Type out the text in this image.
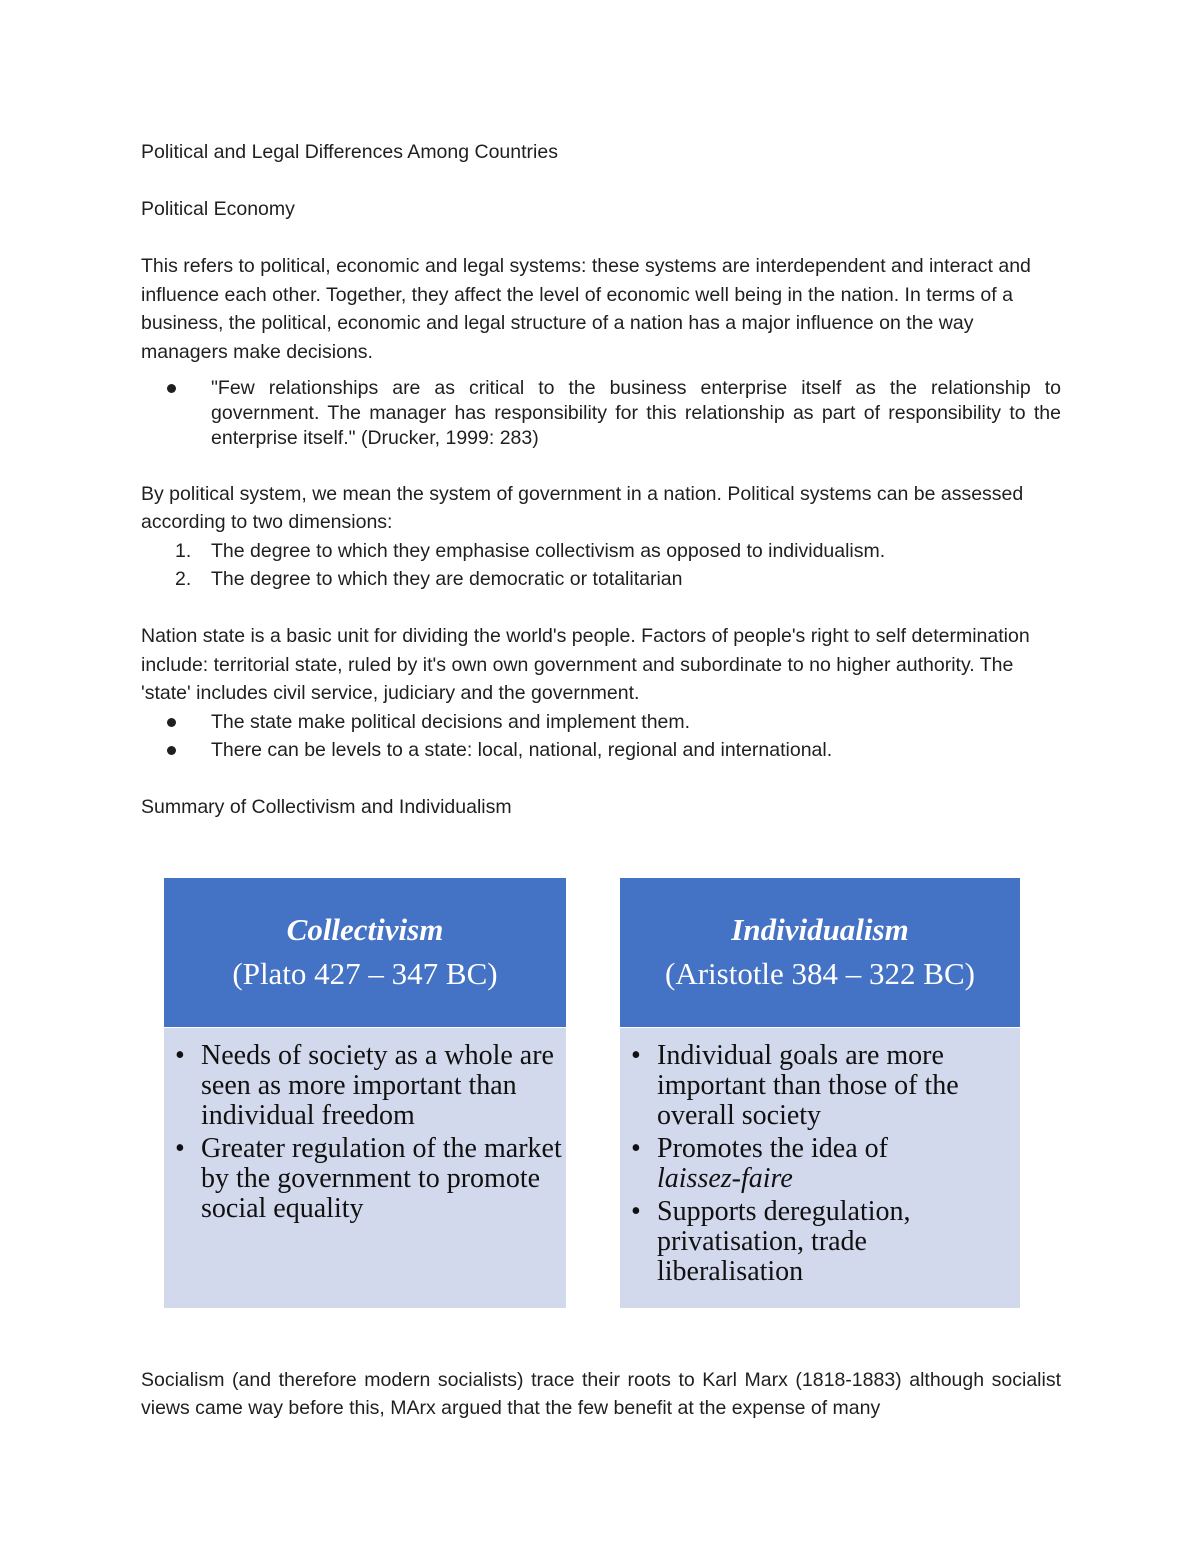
Political and Legal Differences Among Countries

Political Economy

This refers to political, economic and legal systems: these systems are interdependent and interact and influence each other. Together, they affect the level of economic well being in the nation. In terms of a business, the political, economic and legal structure of a nation has a major influence on the way managers make decisions.

"Few relationships are as critical to the business enterprise itself as the relationship to government. The manager has responsibility for this relationship as part of responsibility to the enterprise itself." (Drucker, 1999: 283)

By political system, we mean the system of government in a nation. Political systems can be assessed according to two dimensions:

1. The degree to which they emphasise collectivism as opposed to individualism.
2. The degree to which they are democratic or totalitarian

Nation state is a basic unit for dividing the world's people. Factors of people's right to self determination include: territorial state, ruled by it's own own government and subordinate to no higher authority. The 'state' includes civil service, judiciary and the government.

The state make political decisions and implement them.
There can be levels to a state: local, national, regional and international.

Summary of Collectivism and Individualism

Collectivism
(Plato 427 – 347 BC)
• Needs of society as a whole are seen as more important than individual freedom
• Greater regulation of the market by the government to promote social equality
Individualism
(Aristotle 384 – 322 BC)
• Individual goals are more important than those of the overall society
• Promotes the idea of
laissez-faire
• Supports deregulation, privatisation, trade liberalisation

Socialism (and therefore modern socialists) trace their roots to Karl Marx (1818-1883) although socialist views came way before this, MArx argued that the few benefit at the expense of many
